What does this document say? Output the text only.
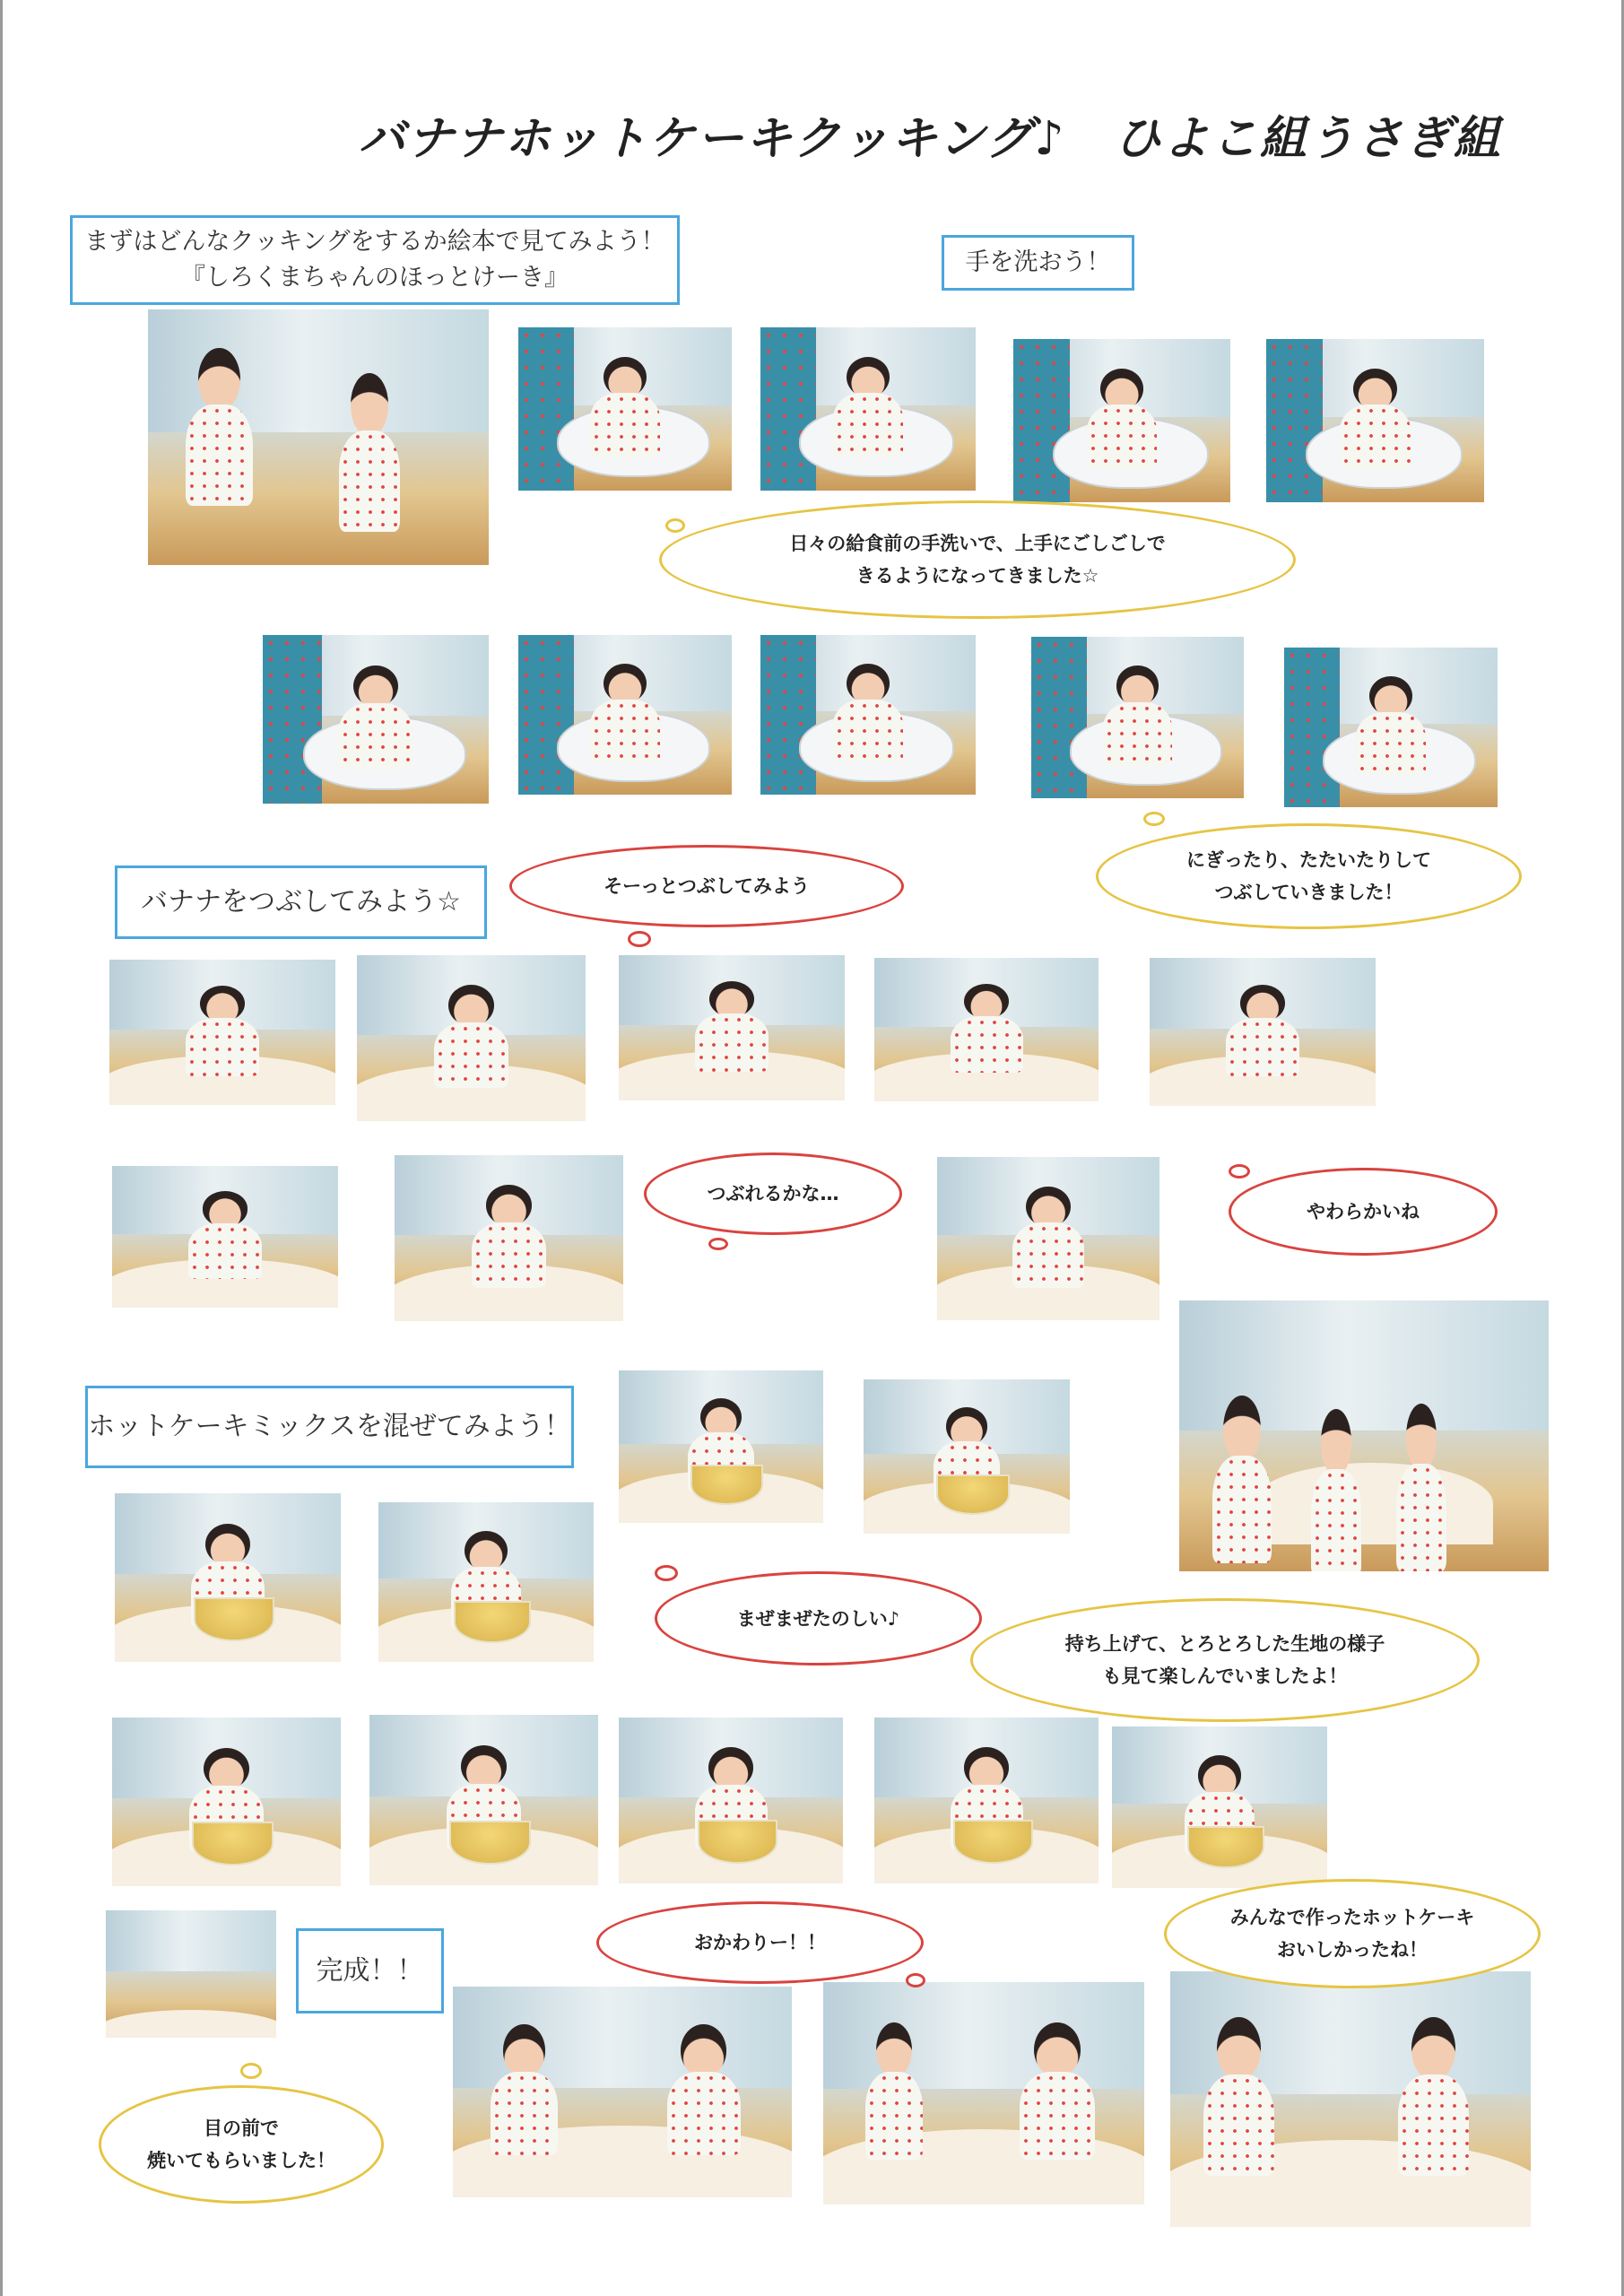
バナナホットケーキクッキング♪　ひよこ組うさぎ組
まずはどんなクッキングをするか絵本で見てみよう！
『しろくまちゃんのほっとけーき』
手を洗おう！
バナナをつぶしてみよう☆
ホットケーキミックスを混ぜてみよう！
完成！！
日々の給食前の手洗いで、上手にごしごしで
きるようになってきました☆
そーっとつぶしてみよう
にぎったり、たたいたりして
つぶしていきました！
つぶれるかな…
やわらかいね
まぜまぜたのしい♪
持ち上げて、とろとろした生地の様子
も見て楽しんでいましたよ！
おかわりー！！
みんなで作ったホットケーキ
おいしかったね！
目の前で
焼いてもらいました！
